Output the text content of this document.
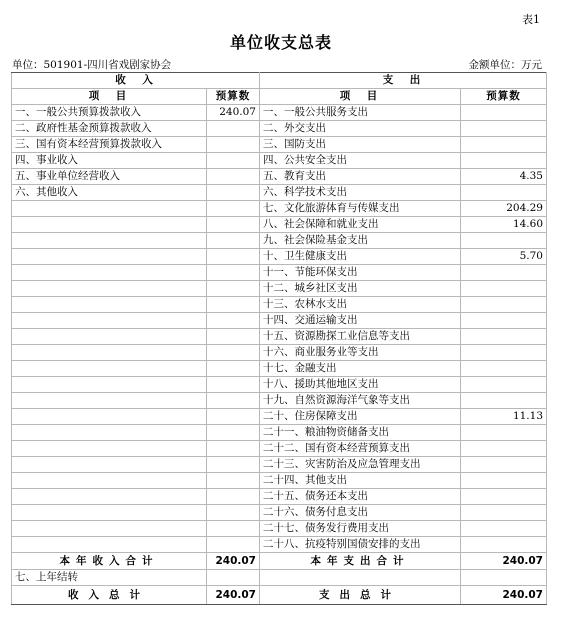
表1
单位收支总表
单位：501901-四川省戏剧家协会	金额单位：万元
收　入		支　出	
项　目	预算数	项　目	预算数
一、一般公共预算拨款收入	240.07	一、一般公共服务支出	
二、政府性基金预算拨款收入		二、外交支出	
三、国有资本经营预算拨款收入		三、国防支出	
四、事业收入		四、公共安全支出	
五、事业单位经营收入		五、教育支出	4.35
六、其他收入		六、科学技术支出	
		七、文化旅游体育与传媒支出	204.29
		八、社会保障和就业支出	14.60
		九、社会保险基金支出	
		十、卫生健康支出	5.70
		十一、节能环保支出	
		十二、城乡社区支出	
		十三、农林水支出	
		十四、交通运输支出	
		十五、资源勘探工业信息等支出	
		十六、商业服务业等支出	
		十七、金融支出	
		十八、援助其他地区支出	
		十九、自然资源海洋气象等支出	
		二十、住房保障支出	11.13
		二十一、粮油物资储备支出	
		二十二、国有资本经营预算支出	
		二十三、灾害防治及应急管理支出	
		二十四、其他支出	
		二十五、债务还本支出	
		二十六、债务付息支出	
		二十七、债务发行费用支出	
		二十八、抗疫特别国债安排的支出	
本年收入合计	240.07	本年支出合计	240.07
七、上年结转			
收入总计	240.07	支出总计	240.07
